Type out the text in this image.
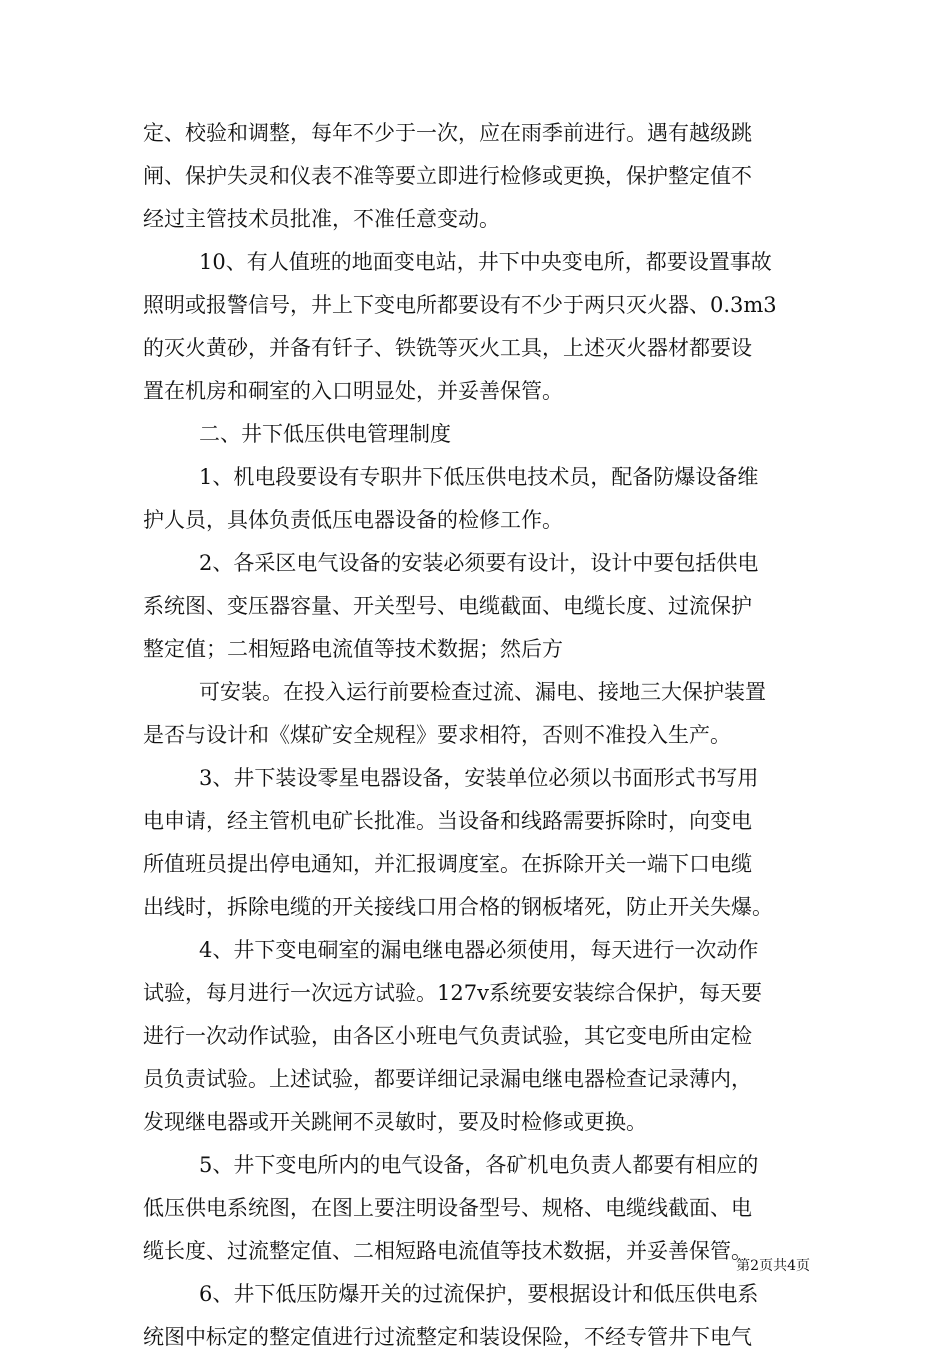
定、校验和调整，每年不少于一次，应在雨季前进行。遇有越级跳
闸、保护失灵和仪表不准等要立即进行检修或更换，保护整定值不
经过主管技术员批准，不准任意变动。
10、有人值班的地面变电站，井下中央变电所，都要设置事故
照明或报警信号，井上下变电所都要设有不少于两只灭火器、0.3m3
的灭火黄砂，并备有钎子、铁铣等灭火工具，上述灭火器材都要设
置在机房和硐室的入口明显处，并妥善保管。
二、井下低压供电管理制度
1、机电段要设有专职井下低压供电技术员，配备防爆设备维
护人员，具体负责低压电器设备的检修工作。
2、各采区电气设备的安装必须要有设计，设计中要包括供电
系统图、变压器容量、开关型号、电缆截面、电缆长度、过流保护
整定值；二相短路电流值等技术数据；然后方
可安装。在投入运行前要检查过流、漏电、接地三大保护装置
是否与设计和《煤矿安全规程》要求相符，否则不准投入生产。
3、井下装设零星电器设备，安装单位必须以书面形式书写用
电申请，经主管机电矿长批准。当设备和线路需要拆除时，向变电
所值班员提出停电通知，并汇报调度室。在拆除开关一端下口电缆
出线时，拆除电缆的开关接线口用合格的钢板堵死，防止开关失爆。
4、井下变电硐室的漏电继电器必须使用，每天进行一次动作
试验，每月进行一次远方试验。127v系统要安装综合保护，每天要
进行一次动作试验，由各区小班电气负责试验，其它变电所由定检
员负责试验。上述试验，都要详细记录漏电继电器检查记录薄内，
发现继电器或开关跳闸不灵敏时，要及时检修或更换。
5、井下变电所内的电气设备，各矿机电负责人都要有相应的
低压供电系统图，在图上要注明设备型号、规格、电缆线截面、电
缆长度、过流整定值、二相短路电流值等技术数据，并妥善保管。
6、井下低压防爆开关的过流保护，要根据设计和低压供电系
统图中标定的整定值进行过流整定和装设保险，不经专管井下电气
第2页共4页
